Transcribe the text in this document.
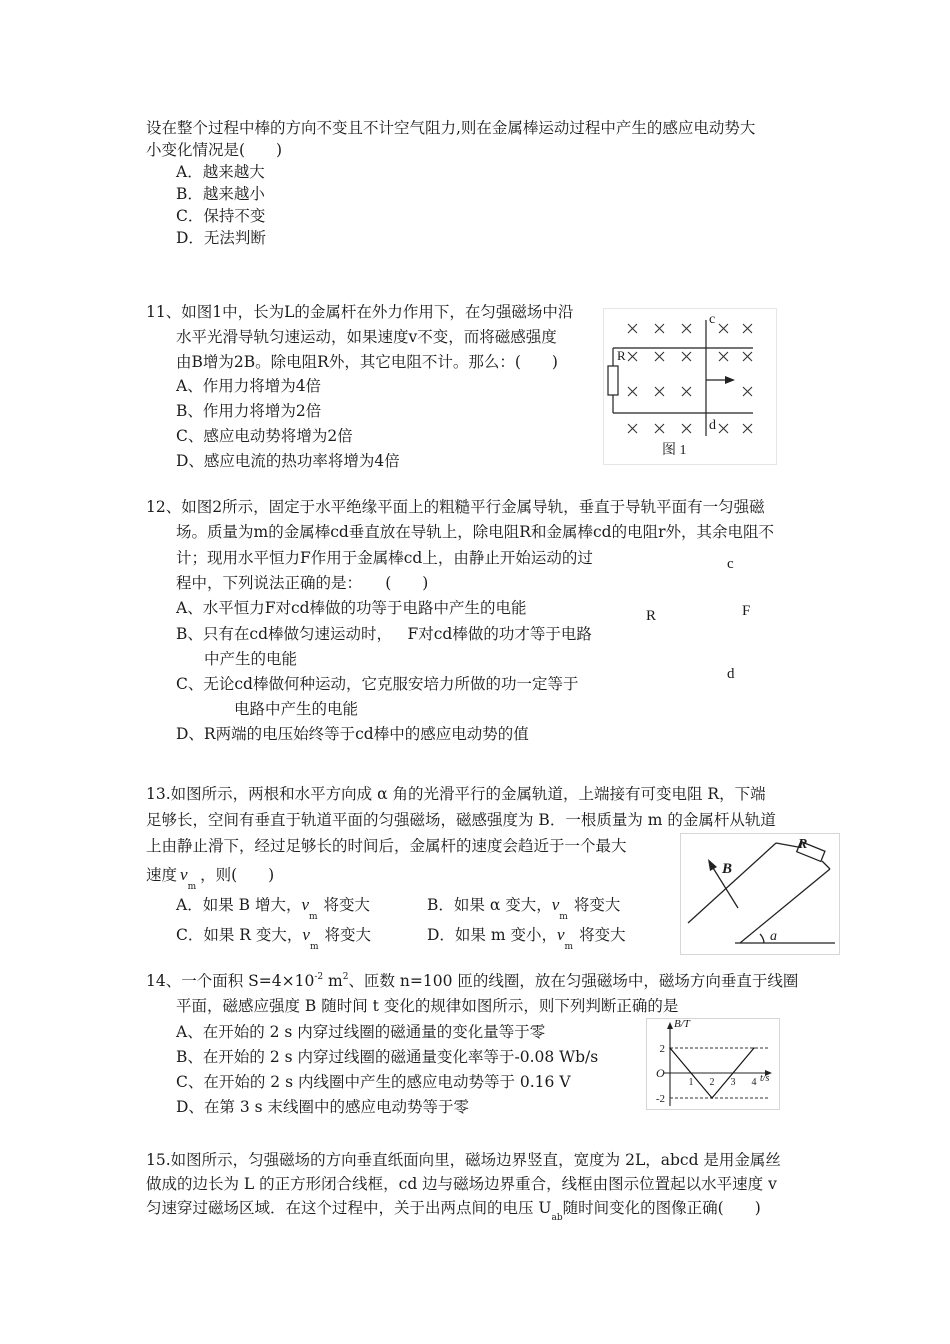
设在整个过程中棒的方向不变且不计空气阻力,则在金属棒运动过程中产生的感应电动势大
小变化情况是(　　)
A．越来越大
B．越来越小
C．保持不变
D．无法判断
11、如图1中，长为L的金属杆在外力作用下，在匀强磁场中沿
水平光滑导轨匀速运动，如果速度v不变，而将磁感强度
由B增为2B。除电阻R外，其它电阻不计。那么：(　　)
A、作用力将增为4倍
B、作用力将增为2倍
C、感应电动势将增为2倍
D、感应电流的热功率将增为4倍
c
d
R
图 1
12、如图2所示，固定于水平绝缘平面上的粗糙平行金属导轨，垂直于导轨平面有一匀强磁
场。质量为m的金属棒cd垂直放在导轨上，除电阻R和金属棒cd的电阻r外，其余电阻不
计；现用水平恒力F作用于金属棒cd上，由静止开始运动的过
程中，下列说法正确的是：　　(　　)
A、水平恒力F对cd棒做的功等于电路中产生的电能
B、只有在cd棒做匀速运动时， F对cd棒做的功才等于电路
中产生的电能
C、无论cd棒做何种运动，它克服安培力所做的功一定等于
电路中产生的电能
D、R两端的电压始终等于cd棒中的感应电动势的值
c
R	F
d
13.如图所示，两根和水平方向成 α 角的光滑平行的金属轨道，上端接有可变电阻 R，下端
足够长，空间有垂直于轨道平面的匀强磁场，磁感强度为 B．一根质量为 m 的金属杆从轨道
上由静止滑下，经过足够长的时间后，金属杆的速度会趋近于一个最大
速度 $v_m$，则(　　)
A．如果 B 增大，$v_m$将变大	B．如果 α 变大，$v_m$将变大
C．如果 R 变大，$v_m$将变大	D．如果 m 变小，$v_m$将变大
B
R
a
14、一个面积 $S=4\times 10^{-2}$ $m^2$、匝数 n=100 匝的线圈，放在匀强磁场中，磁场方向垂直于线圈
平面，磁感应强度 B 随时间 t 变化的规律如图所示，则下列判断正确的是
A、在开始的 2 s 内穿过线圈的磁通量的变化量等于零
B、在开始的 2 s 内穿过线圈的磁通量变化率等于-0.08 Wb/s
C、在开始的 2 s 内线圈中产生的感应电动势等于 0.16 V
D、在第 3 s 末线圈中的感应电动势等于零
2
-2
1 2 3 4
B/T
t/s
O
15.如图所示，匀强磁场的方向垂直纸面向里，磁场边界竖直，宽度为 2L，abcd 是用金属丝
做成的边长为 L 的正方形闭合线框，cd 边与磁场边界重合，线框由图示位置起以水平速度 v
匀速穿过磁场区域．在这个过程中，关于出两点间的电压 $U_{ab}$随时间变化的图像正确(　　)
